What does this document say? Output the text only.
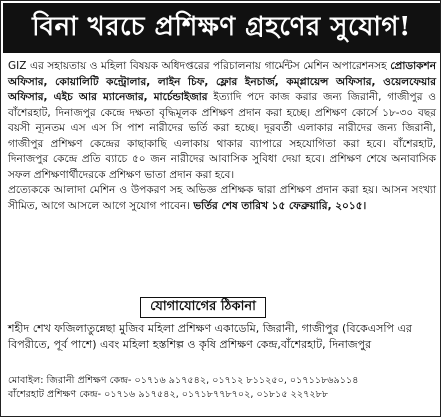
বিনা খরচে প্রশিক্ষণ গ্রহণের সুযোগ!

GIZ এর সহায়তায় ও মহিলা বিষয়ক অধিদপ্তরের পরিচালনায় গার্মেন্টস মেশিন অপারেশনসহ প্রোডাকশন অফিসার, কোয়ালিটি কন্ট্রোলার, লাইন চিফ, ফ্লোর ইনচার্জ, কম্প্লায়েন্স অফিসার, ওয়েলফেয়ার অফিসার, এইচ আর ম্যানেজার, মার্চেন্ডাইজার ইত্যাদি পদে কাজ করার জন্য জিরানী, গাজীপুর ও বাঁশেরহাট, দিনাজপুর কেন্দ্রে দক্ষতা বৃদ্ধিমূলক প্রশিক্ষণ প্রদান করা হচ্ছে। প্রশিক্ষণ কোর্সে ১৮-৩০ বছর বয়সী ন্যূনতম এস এস সি পাশ নারীদের ভর্তি করা হচ্ছে। দূরবর্তী এলাকার নারীদের জন্য জিরানী, গাজীপুর প্রশিক্ষণ কেন্দ্রের কাছাকাছি এলাকায় থাকার ব্যাপারে সহযোগিতা করা হবে। বাঁশেরহাট, দিনাজপুর কেন্দ্রে প্রতি ব্যাচে ৫০ জন নারীদের আবাসিক সুবিধা দেয়া হবে। প্রশিক্ষণ শেষে অনাবাসিক সফল প্রশিক্ষণার্থীদেরকে প্রশিক্ষণ ভাতা প্রদান করা হবে।

প্রত্যেককে আলাদা মেশিন ও উপকরণ সহ অভিজ্ঞ প্রশিক্ষক দ্বারা প্রশিক্ষণ প্রদান করা হয়। আসন সংখ্যা সীমিত, আগে আসলে আগে সুযোগ পাবেন। ভর্তির শেষ তারিখ ১৫ ফেব্রুয়ারি, ২০১৫।

যোগাযোগের ঠিকানা
শহীদ শেখ ফজিলাতুন্নেছা মুজিব মহিলা প্রশিক্ষণ একাডেমি, জিরানী, গাজীপুর (বিকেএসপি এর বিপরীতে, পূর্ব পাশে) এবং মহিলা হস্তশিল্প ও কৃষি প্রশিক্ষণ কেন্দ্র,বাঁশেরহাট, দিনাজপুর
মোবাইল: জিরানী প্রশিক্ষণ কেন্দ্র- ০১৭১৬ ৯১৭৫৪২, ০১৭১২ ৮১১২৫০, ০১৭১১৮৬৯১১৪
বাঁশেরহাট প্রশিক্ষণ কেন্দ্র- ০১৭১৬ ৯১৭৫৪২, ০১৭১৮৭৭৮৭০২, ০১৮১৫ ২২৭২৮৮
